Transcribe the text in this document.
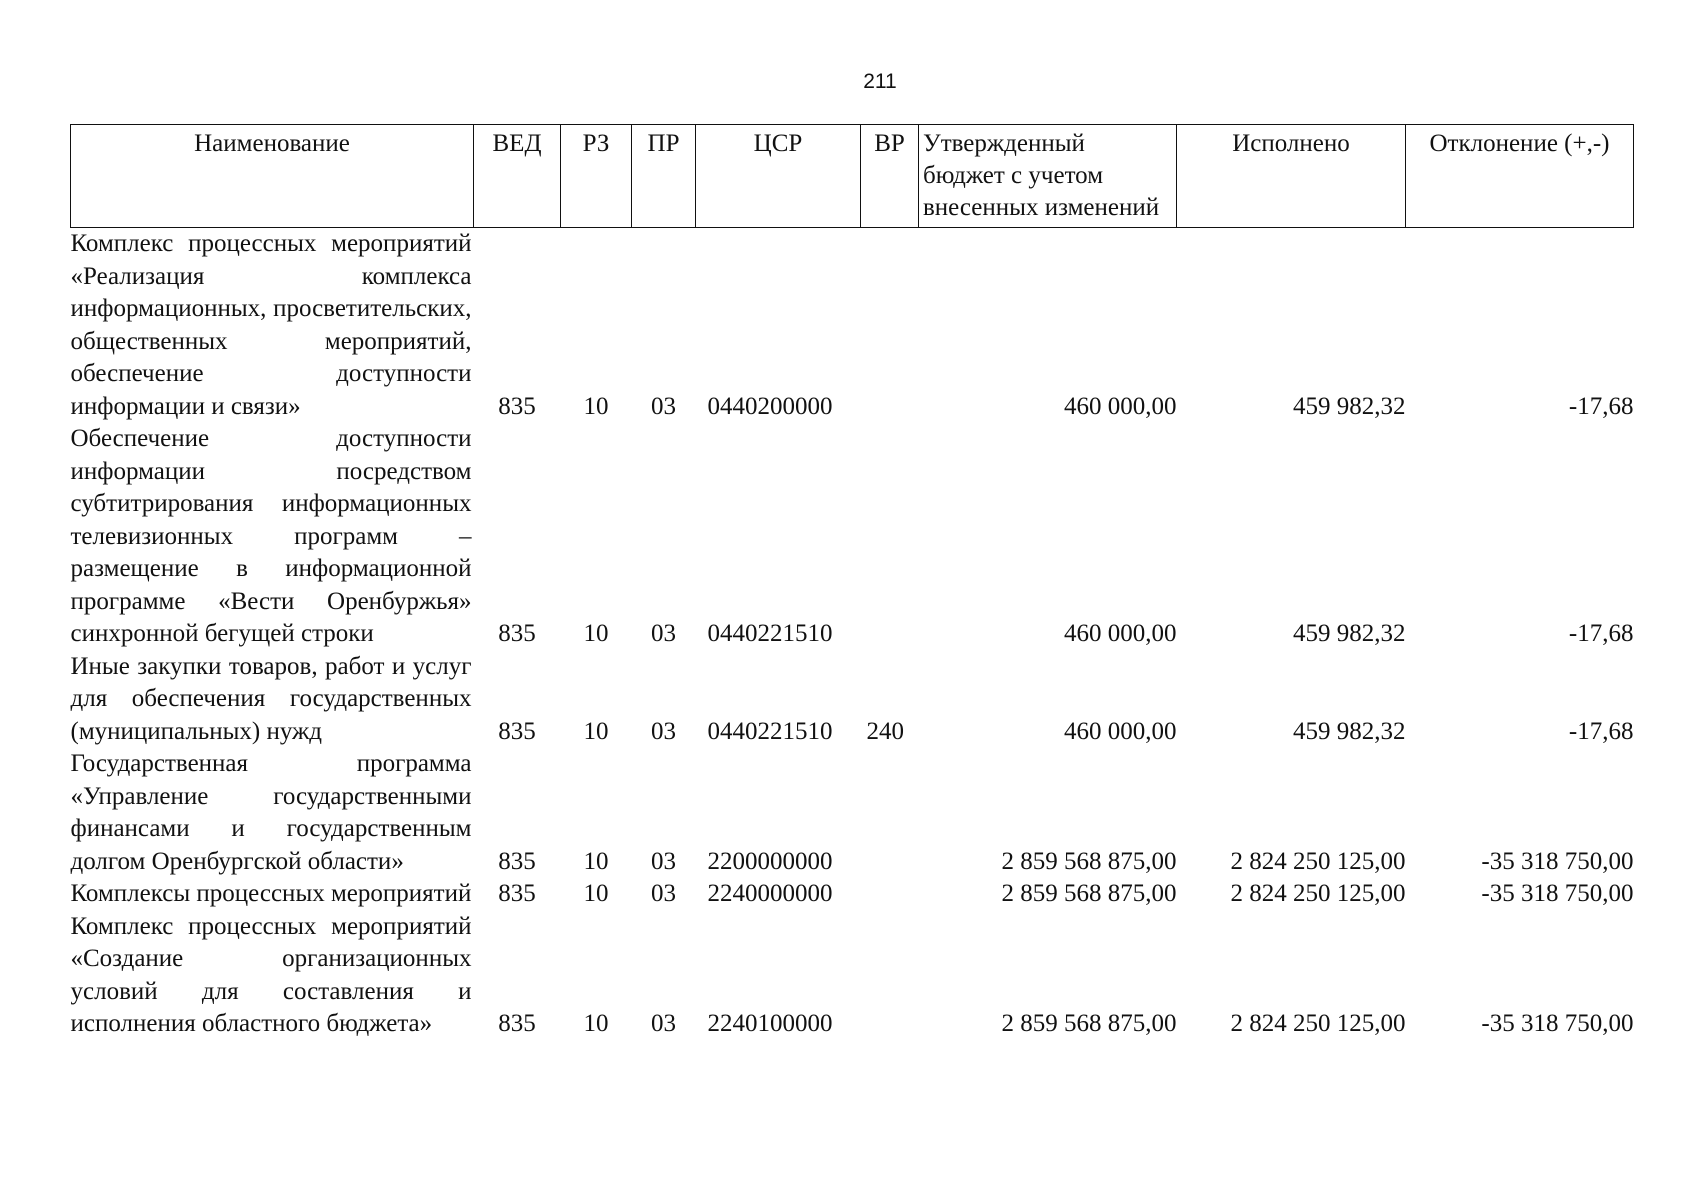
211
Наименование	ВЕД	РЗ	ПР	ЦСР	ВР	Утвержденный бюджет с учетом внесенных изменений	Исполнено	Отклонение (+,-)
Комплекс процессных мероприятий «Реализация комплекса информационных, просветительских, общественных мероприятий, обеспечение доступности информации и связи»	835	10	03	0440200000		460 000,00	459 982,32	-17,68
Обеспечение доступности информации посредством субтитрирования информационных телевизионных программ – размещение в информационной программе «Вести Оренбуржья» синхронной бегущей строки	835	10	03	0440221510		460 000,00	459 982,32	-17,68
Иные закупки товаров, работ и услуг для обеспечения государственных (муниципальных) нужд	835	10	03	0440221510	240	460 000,00	459 982,32	-17,68
Государственная программа «Управление государственными финансами и государственным долгом Оренбургской области»	835	10	03	2200000000		2 859 568 875,00	2 824 250 125,00	-35 318 750,00
Комплексы процессных мероприятий	835	10	03	2240000000		2 859 568 875,00	2 824 250 125,00	-35 318 750,00
Комплекс процессных мероприятий «Создание организационных условий для составления и исполнения областного бюджета»	835	10	03	2240100000		2 859 568 875,00	2 824 250 125,00	-35 318 750,00
